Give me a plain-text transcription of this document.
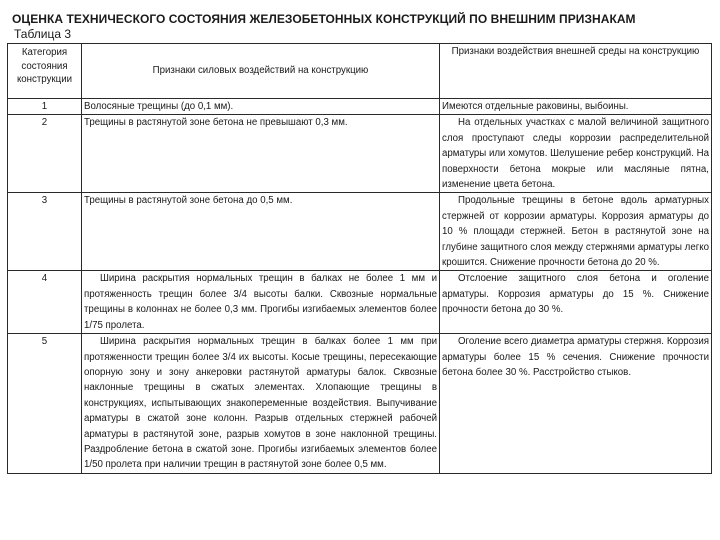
ОЦЕНКА ТЕХНИЧЕСКОГО СОСТОЯНИЯ ЖЕЛЕЗОБЕТОННЫХ КОНСТРУКЦИЙ ПО ВНЕШНИМ ПРИЗНАКАМ
Таблица 3
Категория состояния конструкции	Признаки силовых воздействий на конструкцию	Признаки воздействия внешней среды на конструкцию
1	Волосяные трещины (до 0,1 мм).	Имеются отдельные раковины, выбоины.
2	Трещины в растянутой зоне бетона не превышают 0,3 мм.	На отдельных участках с малой величиной защитного слоя проступают следы коррозии распределительной арматуры или хомутов. Шелушение ребер конструкций. На поверхности бетона мокрые или масляные пятна, изменение цвета бетона.
3	Трещины в растянутой зоне бетона до 0,5 мм.	Продольные трещины в бетоне вдоль арматурных стержней от коррозии арматуры. Коррозия арматуры до 10 % площади стержней. Бетон в растянутой зоне на глубине защитного слоя между стержнями арматуры легко крошится. Снижение прочности бетона до 20 %.
4	Ширина раскрытия нормальных трещин в балках не более 1 мм и протяженность трещин более 3/4 высоты балки. Сквозные нормальные трещины в колоннах не более 0,3 мм. Прогибы изгибаемых элементов более 1/75 пролета.	Отслоение защитного слоя бетона и оголение арматуры. Коррозия арматуры до 15 %. Снижение прочности бетона до 30 %.
5	Ширина раскрытия нормальных трещин в балках более 1 мм при протяженности трещин более 3/4 их высоты. Косые трещины, пересекающие опорную зону и зону анкеровки растянутой арматуры балок. Сквозные наклонные трещины в сжатых элементах. Хлопающие трещины в конструкциях, испытывающих знакопеременные воздействия. Выпучивание арматуры в сжатой зоне колонн. Разрыв отдельных стержней рабочей арматуры в растянутой зоне, разрыв хомутов в зоне наклонной трещины. Раздробление бетона в сжатой зоне. Прогибы изгибаемых элементов более 1/50 пролета при наличии трещин в растянутой зоне более 0,5 мм.	Оголение всего диаметра арматуры стержня. Коррозия арматуры более 15 % сечения. Снижение прочности бетона более 30 %. Расстройство стыков.
